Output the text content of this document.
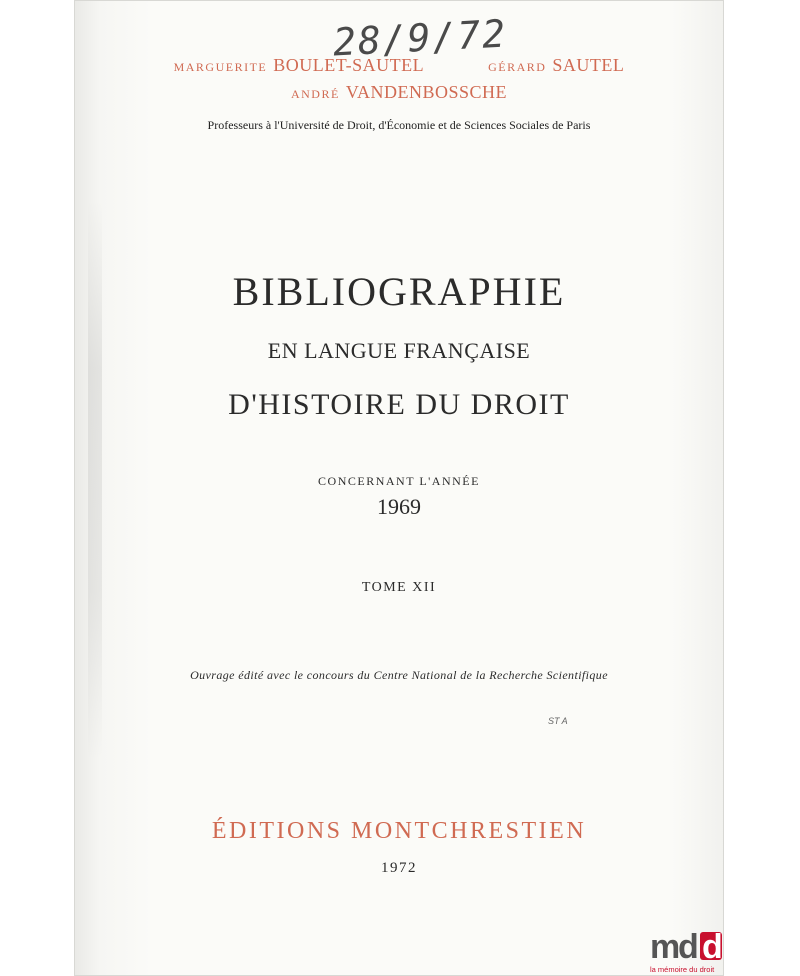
28/9/72
MARGUERITE BOULET-SAUTEL	GÉRARD SAUTEL
ANDRÉ VANDENBOSSCHE
Professeurs à l'Université de Droit, d'Économie et de Sciences Sociales de Paris
BIBLIOGRAPHIE
EN LANGUE FRANÇAISE
D'HISTOIRE DU DROIT
CONCERNANT L'ANNÉE
1969
TOME XII
Ouvrage édité avec le concours du Centre National de la Recherche Scientifique
ST A
ÉDITIONS MONTCHRESTIEN
1972
m
d d
la mémoire du droit
